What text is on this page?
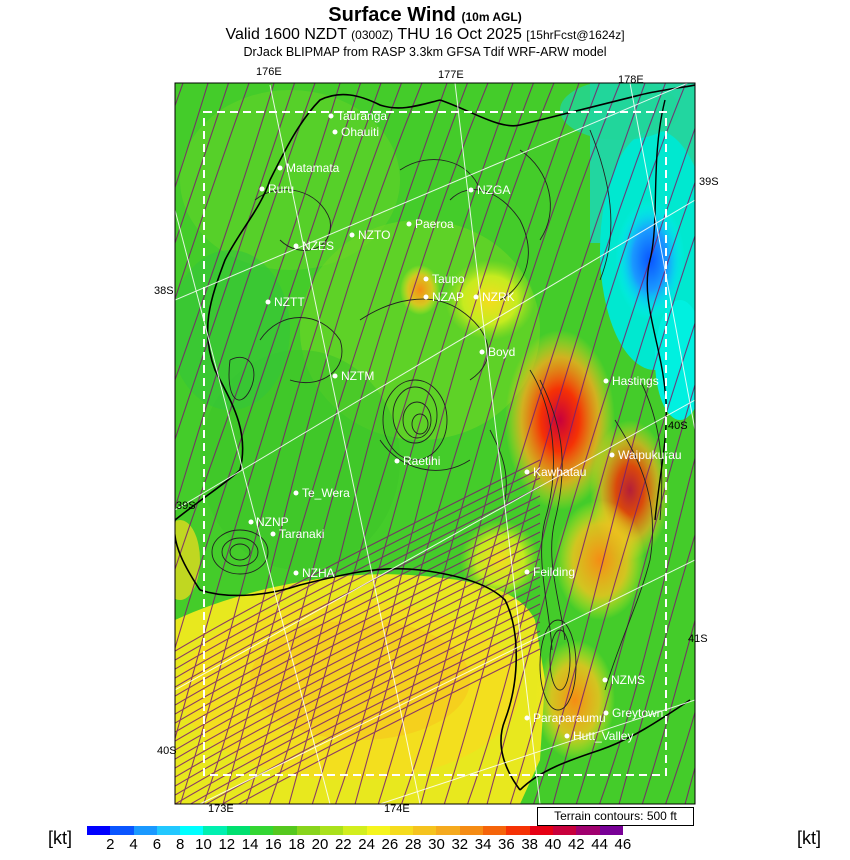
Surface Wind (10m AGL)
Valid 1600 NZDT (0300Z) THU 16 Oct 2025 [15hrFcst@1624z]
DrJack BLIPMAP from RASP 3.3km GFSA Tdif WRF-ARW model
Tauranga
Ohauiti
Matamata
Ruru	NZGA
Paeroa
NZTO
NZES
Taupo
NZAP NZRK
NZTT
Boyd
NZTM	Hastings
Raetihi	Waipukurau
Kawhatau
Te_Wera
NZNP
Taranaki
NZHA	Feilding
NZMS
Greytown
Paraparaumu
Hutt_Valley
176E	177E	178E
173E	174E
39S
38S
40S
39S
41S
40S
Terrain contours: 500 ft
[kt] 2 4 6 8 10 12 14 16 18 20 22 24 26 28 30 32 34 36 38 40 42 44 46	[kt]
